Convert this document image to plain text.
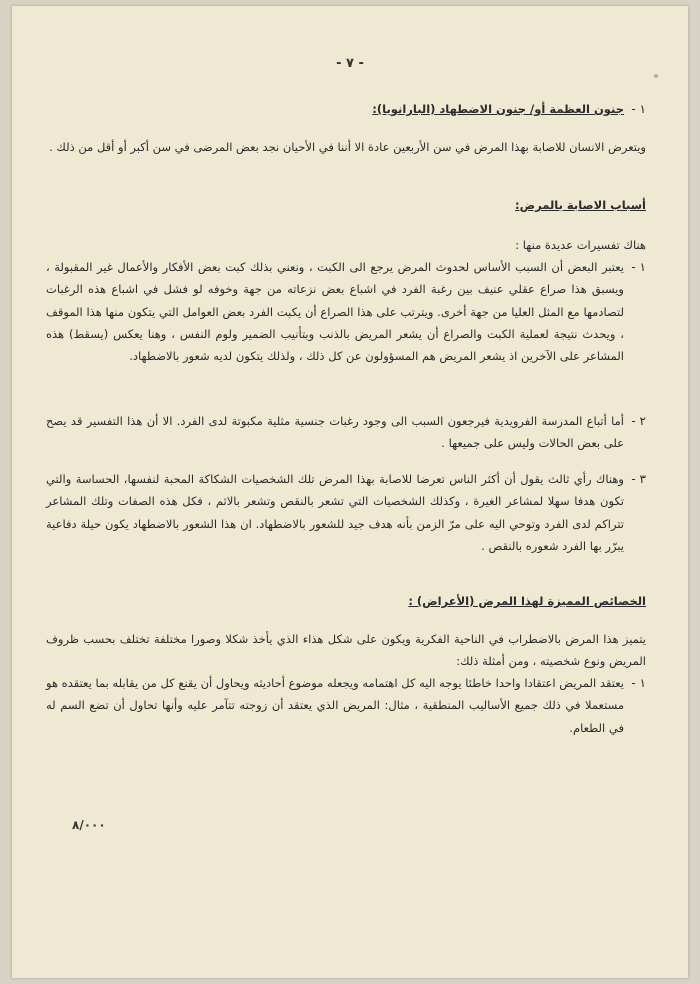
- ٧ -
١ -
جنون العظمة أو/ جنون الاضطهاد (البارانويا):

ويتعرض الانسان للاصابة بهذا المرض في سن الأربعين عادة الا أننا في الأحيان نجد بعض المرضى في سن أكبر أو أقل من ذلك .

أسباب الاصابة بالمرض:

هناك تفسيرات عديدة منها :

١ -
يعتبر البعض أن السبب الأساس لحدوث المرض يرجع الى الكبت ، ونعني بذلك كبت بعض الأفكار والأعمال غير المقبولة ، ويسبق هذا صراع عقلي عنيف بين رغبة الفرد في اشباع بعض نزعاته من جهة وخوفه لو فشل في اشباع هذه الرغبات لتصادمها مع المثل العليا من جهة أخرى. ويترتب على هذا الصراع أن يكبت الفرد بعض العوامل التي يتكون منها هذا الموقف ، ويحدث نتيجة لعملية الكبت والصراع أن يشعر المريض بالذنب وبتأنيب الضمير ولوم النفس ، وهنا يعكس (يسقط) هذه المشاعر على الآخرين اذ يشعر المريض هم المسؤولون عن كل ذلك ، ولذلك يتكون لديه شعور بالاضطهاد.
٢ -
أما أتباع المدرسة الفرويدية فيرجعون السبب الى وجود رغبات جنسية مثلية مكبوتة لدى الفرد. الا أن هذا التفسير قد يصح على بعض الحالات وليس على جميعها .
٣ -
وهناك رأي ثالث يقول أن أكثر الناس تعرضا للاصابة بهذا المرض تلك الشخصيات الشكاكة المحبة لنفسها، الحساسة والتي تكون هدفا سهلا لمشاعر الغيرة ، وكذلك الشخصيات التي تشعر بالنقص وتشعر بالاثم ، فكل هذه الصفات وتلك المشاعر تتراكم لدى الفرد وتوحي اليه على مرّ الزمن بأنه هدف جيد للشعور بالاضطهاد. ان هذا الشعور بالاضطهاد يكون حيلة دفاعية يبرّر بها الفرد شعوره بالنقص .

الخصائص المميزة لهذا المرض (الأعراض) :

يتميز هذا المرض بالاضطراب في الناحية الفكرية ويكون على شكل هذاء الذي يأخذ شكلا وصورا مختلفة تختلف بحسب ظروف المريض ونوع شخصيته ، ومن أمثلة ذلك:

١ -
يعتقد المريض اعتقادا واحدا خاطئا يوجه اليه كل اهتمامه ويجعله موضوع أحاديثه ويحاول أن يقنع كل من يقابله بما يعتقده هو مستعملا في ذلك جميع الأساليب المنطقية ، مثال: المريض الذي يعتقد أن زوجته تتآمر عليه وأنها تحاول أن تضع السم له في الطعام.
٨/٠٠٠
